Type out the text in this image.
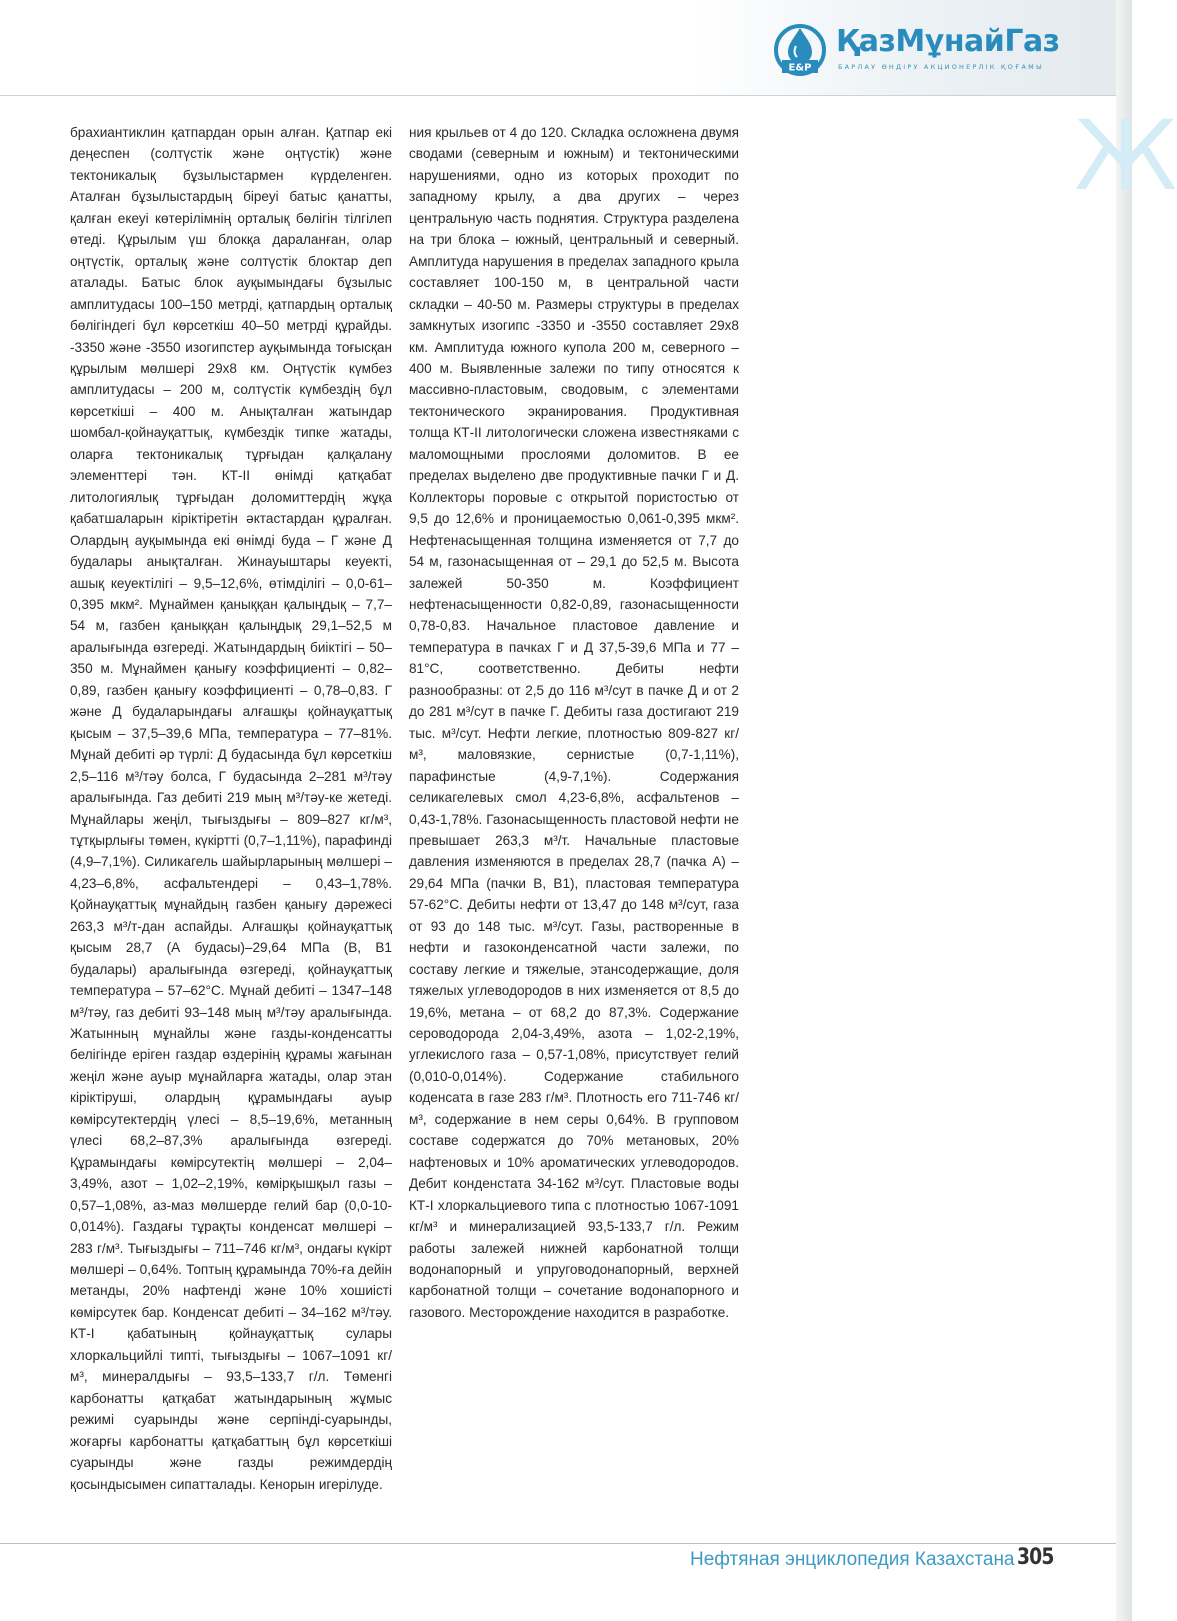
E&P
ҚазМұнайГаз
БАРЛАУ ӨНДІРУ АКЦИОНЕРЛІК ҚОҒАМЫ
Ж

брахиантиклин қатпардан орын алған. Қатпар екі деңеспен (солтүстік және оңтүстік) және тектоникалық бұзылыстармен күрделенген. Аталған бұзылыстардың біреуі батыс қанатты, қалған екеуі көтерілімнің орталық бөлігін тілгілеп өтеді. Құрылым үш блокқа дараланған, олар оңтүстік, орталық және солтүстік блоктар деп аталады. Батыс блок ауқымындағы бұзылыс амплитудасы 100–150 метрді, қатпардың орталық бөлігіндегі бұл көрсеткіш 40–50 метрді құрайды. -3350 және -3550 изогипстер ауқымында тоғысқан құрылым мөлшері 29х8 км. Оңтүстік күмбез амплитудасы – 200 м, солтүстік күмбездің бұл көрсеткіші – 400 м. Анықталған жатындар шомбал-қойнауқаттық, күмбездік типке жатады, оларға тектоникалық тұрғыдан қалқалану элементтері тән. КТ-ІІ өнімді қатқабат литологиялық тұрғыдан доломиттердің жұқа қабатшаларын кіріктіретін әктастардан құралған. Олардың ауқымында екі өнімді буда – Г және Д будалары анықталған. Жинауыштары кеуекті, ашық кеуектілігі – 9,5–12,6%, өтімділігі – 0,0-61–0,395 мкм². Мұнаймен қаныққан қалыңдық – 7,7–54 м, газбен қаныққан қалыңдық 29,1–52,5 м аралығында өзгереді. Жатындардың биіктігі – 50–350 м. Мұнаймен қанығу коэффициенті – 0,82–0,89, газбен қанығу коэффициенті – 0,78–0,83. Г және Д будаларындағы алғашқы қойнауқаттық қысым – 37,5–39,6 МПа, температура – 77–81%. Мұнай дебиті әр түрлі: Д будасында бұл көрсеткіш 2,5–116 м³/тәу болса, Г будасында 2–281 м³/тәу аралығында. Газ дебиті 219 мың м³/тәу-ке жетеді. Мұнайлары жеңіл, тығыздығы – 809–827 кг/м³, тұтқырлығы төмен, күкіртті (0,7–1,11%), парафинді (4,9–7,1%). Силикагель шайырларының мөлшері – 4,23–6,8%, асфальтендері – 0,43–1,78%. Қойнауқаттық мұнайдың газбен қанығу дәрежесі 263,3 м³/т-дан аспайды. Алғашқы қойнауқаттық қысым 28,7 (А будасы)–29,64 МПа (В, В1 будалары) аралығында өзгереді, қойнауқаттық температура – 57–62°С. Мұнай дебиті – 1347–148 м³/тәу, газ дебиті 93–148 мың м³/тәу аралығында. Жатынның мұнайлы және газды-конденсатты белігінде еріген газдар өздерінің құрамы жағынан жеңіл және ауыр мұнайларға жатады, олар этан кіріктіруші, олардың құрамындағы ауыр көмірсутектердің үлесі – 8,5–19,6%, метанның үлесі 68,2–87,3% аралығында өзгереді. Құрамындағы көмірсутектің мөлшері – 2,04–3,49%, азот – 1,02–2,19%, көмірқышқыл газы – 0,57–1,08%, аз-маз мөлшерде гелий бар (0,0-10-0,014%). Газдағы тұрақты конденсат мөлшері – 283 г/м³. Тығыздығы – 711–746 кг/м³, ондағы күкірт мөлшері – 0,64%. Топтың құрамында 70%-ға дейін метанды, 20% нафтенді және 10% хошиісті көмірсутек бар. Конденсат дебиті – 34–162 м³/тәу. КТ-І қабатының қойнауқаттық сулары хлоркальцийлі типті, тығыздығы – 1067–1091 кг/м³, минералдығы – 93,5–133,7 г/л. Төменгі карбонатты қатқабат жатындарының жұмыс режимі суарынды және серпінді-суарынды, жоғарғы карбонатты қатқабаттың бұл көрсеткіші суарынды және газды режимдердің қосындысымен сипатталады. Кенорын игерілуде.

ния крыльев от 4 до 120. Складка осложнена двумя сводами (северным и южным) и тектоническими нарушениями, одно из которых проходит по западному крылу, а два других – через центральную часть поднятия. Структура разделена на три блока – южный, центральный и северный. Амплитуда нарушения в пределах западного крыла составляет 100-150 м, в центральной части складки – 40-50 м. Размеры структуры в пределах замкнутых изогипс -3350 и -3550 составляет 29х8 км. Амплитуда южного купола 200 м, северного – 400 м. Выявленные залежи по типу относятся к массивно-пластовым, сводовым, с элементами тектонического экранирования. Продуктивная толща КТ-ІІ литологически сложена известняками с маломощными прослоями доломитов. В ее пределах выделено две продуктивные пачки Г и Д. Коллекторы поровые с открытой пористостью от 9,5 до 12,6% и проницаемостью 0,061-0,395 мкм². Нефтенасыщенная толщина изменяется от 7,7 до 54 м, газонасыщенная от – 29,1 до 52,5 м. Высота залежей 50-350 м. Коэффициент нефтенасыщенности 0,82-0,89, газонасыщенности 0,78-0,83. Начальное пластовое давление и температура в пачках Г и Д 37,5-39,6 МПа и 77 – 81°С, соответственно. Дебиты нефти разнообразны: от 2,5 до 116 м³/сут в пачке Д и от 2 до 281 м³/сут в пачке Г. Дебиты газа достигают 219 тыс. м³/сут. Нефти легкие, плотностью 809-827 кг/м³, маловязкие, сернистые (0,7-1,11%), парафинстые (4,9-7,1%). Содержания селикагелевых смол 4,23-6,8%, асфальтенов – 0,43-1,78%. Газонасыщенность пластовой нефти не превышает 263,3 м³/т. Начальные пластовые давления изменяются в пределах 28,7 (пачка А) – 29,64 МПа (пачки В, В1), пластовая температура 57-62°С. Дебиты нефти от 13,47 до 148 м³/сут, газа от 93 до 148 тыс. м³/сут. Газы, растворенные в нефти и газоконденсатной части залежи, по составу легкие и тяжелые, этансодержащие, доля тяжелых углеводородов в них изменяется от 8,5 до 19,6%, метана – от 68,2 до 87,3%. Содержание сероводорода 2,04-3,49%, азота – 1,02-2,19%, углекислого газа – 0,57-1,08%, присутствует гелий (0,010-0,014%). Содержание стабильного коденсата в газе 283 г/м³. Плотность его 711-746 кг/м³, содержание в нем серы 0,64%. В групповом составе содержатся до 70% метановых, 20% нафтеновых и 10% ароматических углеводородов. Дебит конденстата 34-162 м³/сут. Пластовые воды КТ-І хлоркальциевого типа с плотностью 1067-1091 кг/м³ и минерализацией 93,5-133,7 г/л. Режим работы залежей нижней карбонатной толщи водонапорный и упруговодонапорный, верхней карбонатной толщи – сочетание водонапорного и газового. Месторождение находится в разработке.

Нефтяная энциклопедия Казахстана 305
